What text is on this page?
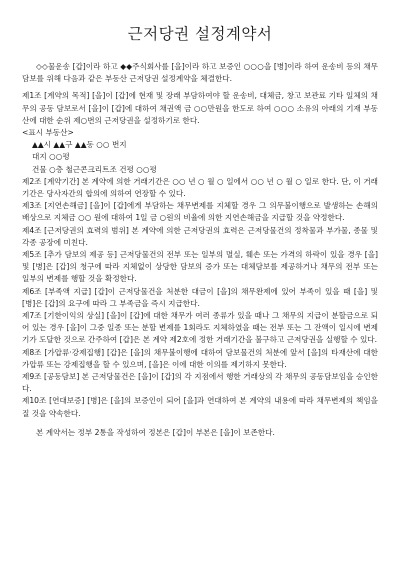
근저당권 설정계약서

◇◇물운송 [갑]이라 하고 ◆◆주식회사를 [을]이라 하고 보증인 ○○○을 [병]이라 하여 운송비 등의 채무담보를 위해 다음과 같은 부동산 근저당권 설정계약을 체결한다.

제1조 [계약의 목적] [을]이 [갑]에 현재 및 장래 부담하여야 할 운송비, 대체금, 창고 보관료 기타 일체의 채무의 공동 담보로서 [을]이 [갑]에 대하여 채권액 금 ○○만원을 한도로 하여 ○○○ 소유의 아래의 기재 부동산에 대한 순위 제○번의 근저당권을 설정하기로 한다.

<표시 부동산>

▲▲시 ▲▲구 ▲▲동 ○○ 번지

대지 ○○평

건물 ○층 철근콘크리트조 건평 ○○평

제2조 [계약기간] 본 계약에 의한 거래기간은 ○○ 년 ○ 월 ○ 일에서 ○○ 년 ○ 월 ○ 일로 한다. 단, 이 거래기간은 당사자간의 합의에 의하여 연장할 수 있다.

제3조 [지연손해금] [을]이 [갑]에게 부담하는 채무변제를 지체할 경우 그 의무불이행으로 발생하는 손해의 배상으로 지체금 ○○ 원에 대하여 1일 금 ○원의 비율에 의한 지연손해금을 지급할 것을 약정한다.

제4조 [근저당권의 효력의 범위] 본 계약에 의한 근저당권의 효력은 근저당물건의 정착물과 부가물, 종물 및 각종 공장에 미친다.

제5조 [추가 담보의 제공 등] 근저당물건의 전부 또는 일부의 멸실, 훼손 또는 가격의 하락이 있을 경우 [을] 및 [병]은 [갑]의 청구에 따라 지체없이 상당한 담보의 증가 또는 대체담보를 제공하거나 채무의 전부 또는 일부의 변제를 행할 것을 확정한다.

제6조 [부족액 지급] [갑]이 근저당물건을 처분한 대금이 [을]의 채무완제에 있어 부족이 있을 때 [을] 및 [병]은 [갑]의 요구에 따라 그 부족금을 즉시 지급한다.

제7조 [기한이익의 상실] [을]이 [갑]에 대한 채무가 여러 종류가 있을 때나 그 채무의 지급이 분할금으로 되어 있는 경우 [을]이 그중 일종 또는 분할 변제를 1회라도 지체하였을 때는 전부 또는 그 잔액이 일시에 변제기가 도달한 것으로 간주하여 [갑]은 본 계약 제2호에 정한 거래기간을 불구하고 근저당권을 실행할 수 있다.

제8조 [가압류·강제집행] [갑]은 [을]의 채무불이행에 대하여 담보물건의 처분에 앞서 [을]의 타재산에 대한 가압류 또는 강제집행을 할 수 있으며, [을]은 이에 대한 이의를 제기하지 못한다.

제9조 [공동담보] 본 근저당물건은 [을]이 [갑]의 각 지점에서 행한 거래상의 각 채무의 공동담보임을 승인한다.

제10조 [연대보증] [병]은 [을]의 보증인이 되어 [을]과 연대하여 본 계약의 내용에 따라 채무변제의 책임을 질 것을 약속한다.

본 계약서는 정부 2통을 작성하여 정본은 [갑]이 부본은 [을]이 보존한다.
